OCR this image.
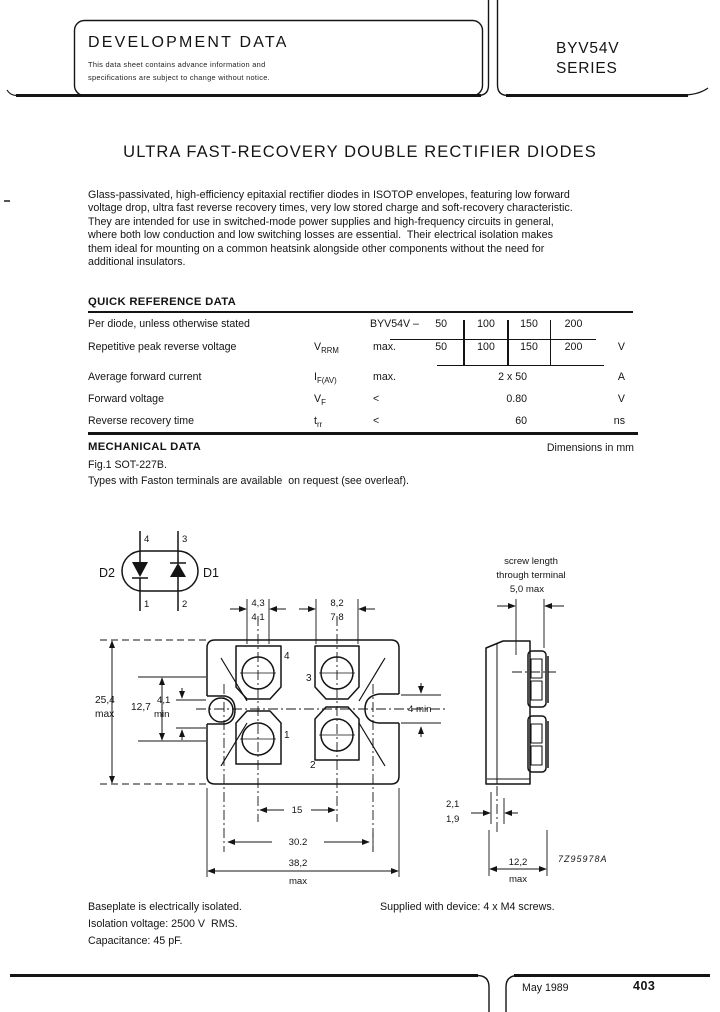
DEVELOPMENT DATA
This data sheet contains advance information and
specifications are subject to change without notice.
BYV54V
SERIES
ULTRA FAST-RECOVERY DOUBLE RECTIFIER DIODES
Glass-passivated, high-efficiency epitaxial rectifier diodes in ISOTOP envelopes, featuring low forward
voltage drop, ultra fast reverse recovery times, very low stored charge and soft-recovery characteristic.
They are intended for use in switched-mode power supplies and high-frequency circuits in general,
where both low conduction and low switching losses are essential.  Their electrical isolation makes
them ideal for mounting on a common heatsink alongside other components without the need for
additional insulators.
QUICK REFERENCE DATA
Per diode, unless otherwise stated	BYV54V –	50	100	150	200
Repetitive peak reverse voltage	$V_{RRM}$	max.	50	100	150	200	V
Average forward current	$I_{F(AV)}$	max.	2 x 50	A
Forward voltage	$V_F$	<	0.80	V
Reverse recovery time	$t_{rr}$	<	60	ns
MECHANICAL DATA	Dimensions in mm
Fig.1 SOT-227B.
Types with Faston terminals are available  on request (see overleaf).
4	3
1	2
D2	D1
4
3
1
2
4,3
4,1
8,2
7,8
25,4
max
12,7
4,1
min	4 min
15
30.2
38,2
max
screw length
through terminal
5,0 max
2,1
1,9
12,2
max
7Z95978A
Baseplate is electrically isolated.
Isolation voltage: 2500 V  RMS.
Capacitance: 45 pF.
Supplied with device: 4 x M4 screws.
May 1989	403
